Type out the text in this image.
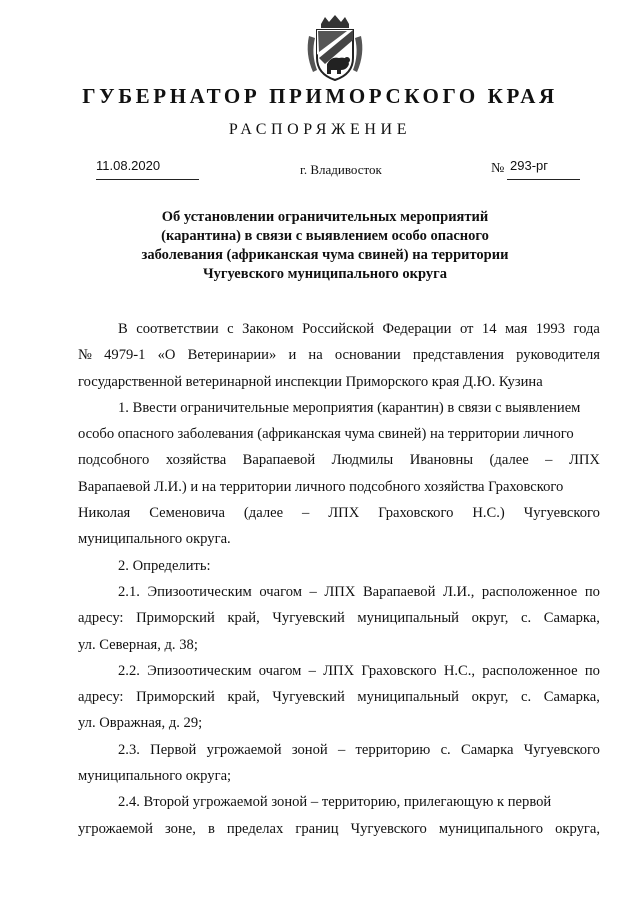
ГУБЕРНАТОР ПРИМОРСКОГО КРАЯ
РАСПОРЯЖЕНИЕ
11.08.2020	г. Владивосток	№ 293-рг
Об установлении ограничительных мероприятий
(карантина) в связи с выявлением особо опасного
заболевания (африканская чума свиней) на территории
Чугуевского муниципального округа
В соответствии с Законом Российской Федерации от 14 мая 1993 года
№ 4979-1 «О Ветеринарии» и на основании представления руководителя
государственной ветеринарной инспекции Приморского края Д.Ю. Кузина
1. Ввести ограничительные мероприятия (карантин) в связи с выявлением
особо опасного заболевания (африканская чума свиней) на территории личного
подсобного хозяйства Варапаевой Людмилы Ивановны (далее – ЛПХ
Варапаевой Л.И.) и на территории личного подсобного хозяйства Граховского
Николая Семеновича (далее – ЛПХ Граховского Н.С.) Чугуевского
муниципального округа.
2. Определить:
2.1. Эпизоотическим очагом – ЛПХ Варапаевой Л.И., расположенное по
адресу: Приморский край, Чугуевский муниципальный округ, с. Самарка,
ул. Северная, д. 38;
2.2. Эпизоотическим очагом – ЛПХ Граховского Н.С., расположенное по
адресу: Приморский край, Чугуевский муниципальный округ, с. Самарка,
ул. Овражная, д. 29;
2.3. Первой угрожаемой зоной – территорию с. Самарка Чугуевского
муниципального округа;
2.4. Второй угрожаемой зоной – территорию, прилегающую к первой
угрожаемой зоне, в пределах границ Чугуевского муниципального округа,
